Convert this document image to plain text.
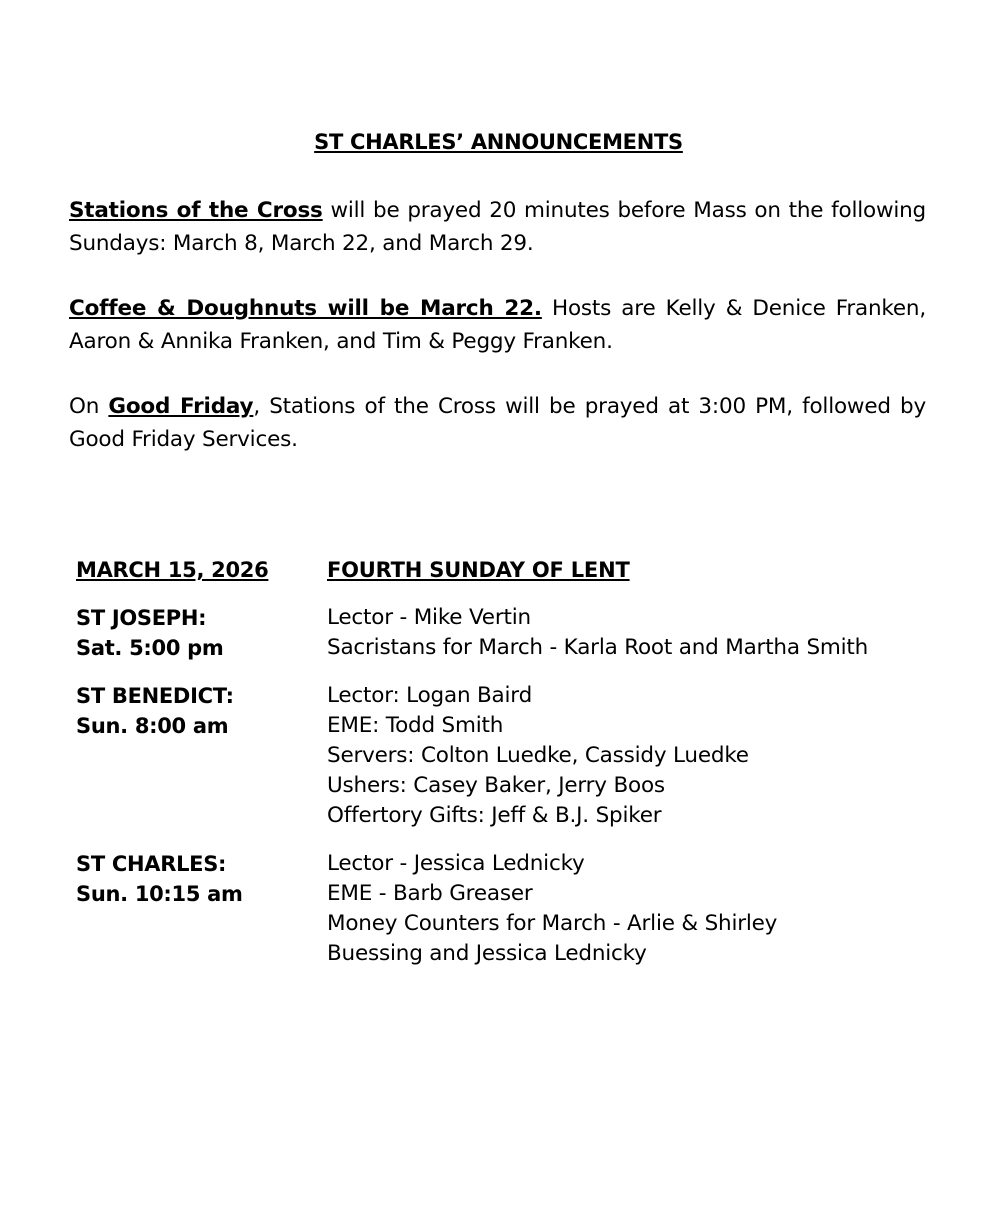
ST CHARLES’ ANNOUNCEMENTS

Stations of the Cross will be prayed 20 minutes before Mass on the following Sundays: March 8, March 22, and March 29.

Coffee & Doughnuts will be March 22. Hosts are Kelly & Denice Franken, Aaron & Annika Franken, and Tim & Peggy Franken.

On Good Friday, Stations of the Cross will be prayed at 3:00 PM, followed by Good Friday Services.

MARCH 15, 2026	FOURTH SUNDAY OF LENT
ST JOSEPH:
Sat. 5:00 pm
Lector - Mike Vertin
Sacristans for March - Karla Root and Martha Smith
ST BENEDICT:
Sun. 8:00 am
Lector: Logan Baird
EME: Todd Smith
Servers: Colton Luedke, Cassidy Luedke
Ushers: Casey Baker, Jerry Boos
Offertory Gifts: Jeff & B.J. Spiker
ST CHARLES:
Sun. 10:15 am
Lector - Jessica Lednicky
EME - Barb Greaser
Money Counters for March - Arlie & Shirley
Buessing and Jessica Lednicky
